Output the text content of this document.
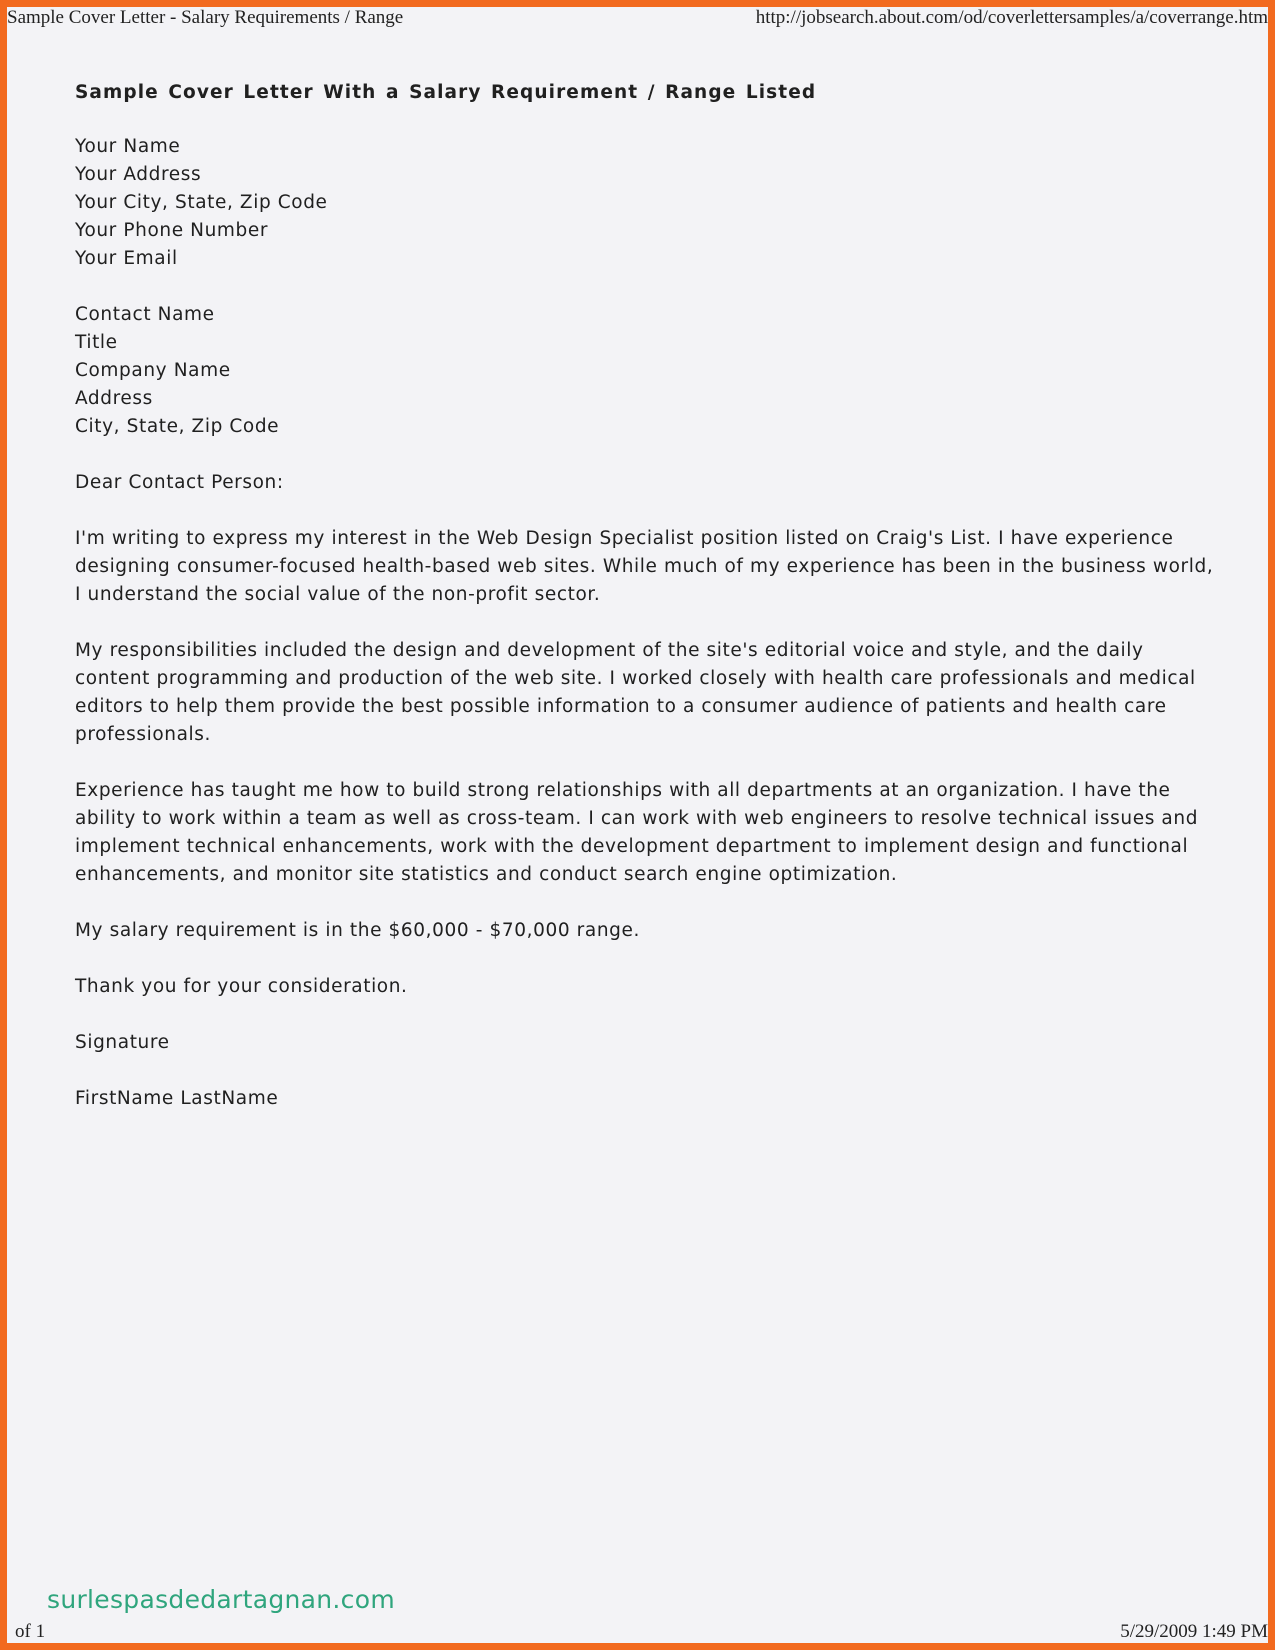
Sample Cover Letter - Salary Requirements / Range	http://jobsearch.about.com/od/coverlettersamples/a/coverrange.htm
Sample Cover Letter With a Salary Requirement / Range Listed
Your Name
Your Address
Your City, State, Zip Code
Your Phone Number
Your Email
Contact Name
Title
Company Name
Address
City, State, Zip Code
Dear Contact Person:

I'm writing to express my interest in the Web Design Specialist position listed on Craig's List. I have experience designing consumer-focused health-based web sites. While much of my experience has been in the business world, I understand the social value of the non-profit sector.

My responsibilities included the design and development of the site's editorial voice and style, and the daily content programming and production of the web site. I worked closely with health care professionals and medical editors to help them provide the best possible information to a consumer audience of patients and health care professionals.

Experience has taught me how to build strong relationships with all departments at an organization. I have the ability to work within a team as well as cross-team. I can work with web engineers to resolve technical issues and implement technical enhancements, work with the development department to implement design and functional enhancements, and monitor site statistics and conduct search engine optimization.

My salary requirement is in the $60,000 - $70,000 range.

Thank you for your consideration.

Signature
FirstName LastName
surlespasdedartagnan.com
of 1	5/29/2009 1:49 PM
